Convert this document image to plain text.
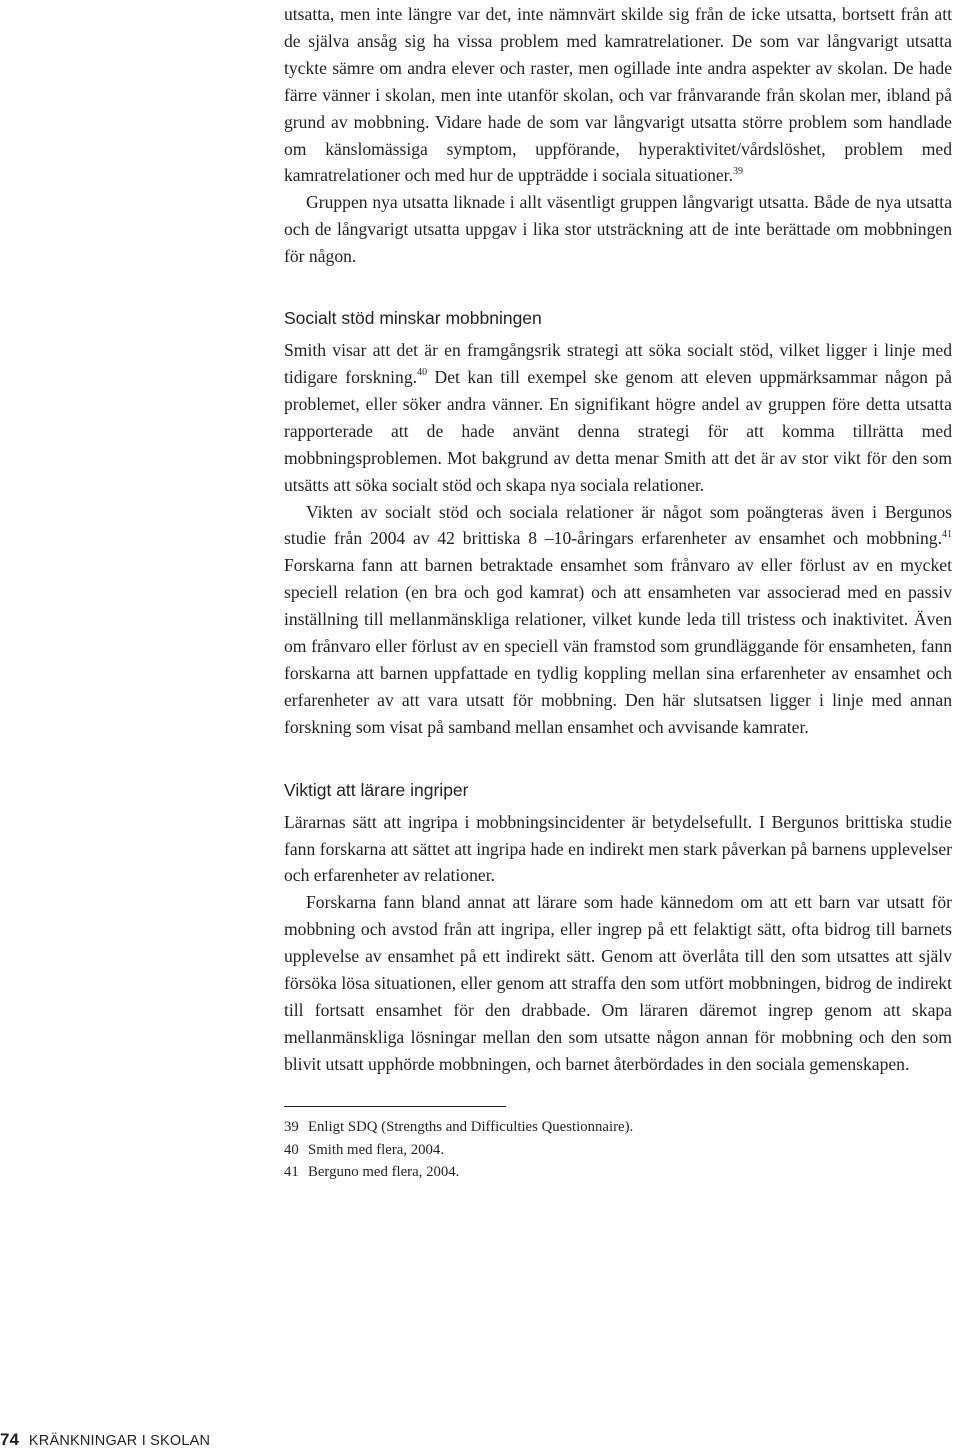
utsatta, men inte längre var det, inte nämnvärt skilde sig från de icke utsatta, bortsett från att de själva ansåg sig ha vissa problem med kamratrelationer. De som var långvarigt utsatta tyckte sämre om andra elever och raster, men ogillade inte andra aspekter av skolan. De hade färre vänner i skolan, men inte utanför skolan, och var frånvarande från skolan mer, ibland på grund av mobbning. Vidare hade de som var långvarigt utsatta större problem som handlade om känslomässiga symptom, uppförande, hyperaktivitet/vårdslöshet, problem med kamratrelationer och med hur de uppträdde i sociala situationer.$^{39}$

Gruppen nya utsatta liknade i allt väsentligt gruppen långvarigt utsatta. Både de nya utsatta och de långvarigt utsatta uppgav i lika stor utsträckning att de inte berättade om mobbningen för någon.

Socialt stöd minskar mobbningen

Smith visar att det är en framgångsrik strategi att söka socialt stöd, vilket ligger i linje med tidigare forskning.$^{40}$ Det kan till exempel ske genom att eleven uppmärksammar någon på problemet, eller söker andra vänner. En signifikant högre andel av gruppen före detta utsatta rapporterade att de hade använt denna strategi för att komma tillrätta med mobbningsproblemen. Mot bakgrund av detta menar Smith att det är av stor vikt för den som utsätts att söka socialt stöd och skapa nya sociala relationer.

Vikten av socialt stöd och sociala relationer är något som poängteras även i Bergunos studie från 2004 av 42 brittiska 8 –10-åringars erfarenheter av ensamhet och mobbning.$^{41}$ Forskarna fann att barnen betraktade ensamhet som frånvaro av eller förlust av en mycket speciell relation (en bra och god kamrat) och att ensamheten var associerad med en passiv inställning till mellanmänskliga relationer, vilket kunde leda till tristess och inaktivitet. Även om frånvaro eller förlust av en speciell vän framstod som grundläggande för ensamheten, fann forskarna att barnen uppfattade en tydlig koppling mellan sina erfarenheter av ensamhet och erfarenheter av att vara utsatt för mobbning. Den här slutsatsen ligger i linje med annan forskning som visat på samband mellan ensamhet och avvisande kamrater.

Viktigt att lärare ingriper

Lärarnas sätt att ingripa i mobbningsincidenter är betydelsefullt. I Bergunos brittiska studie fann forskarna att sättet att ingripa hade en indirekt men stark påverkan på barnens upplevelser och erfarenheter av relationer.

Forskarna fann bland annat att lärare som hade kännedom om att ett barn var utsatt för mobbning och avstod från att ingripa, eller ingrep på ett felaktigt sätt, ofta bidrog till barnets upplevelse av ensamhet på ett indirekt sätt. Genom att överlåta till den som utsattes att själv försöka lösa situationen, eller genom att straffa den som utfört mobbningen, bidrog de indirekt till fortsatt ensamhet för den drabbade. Om läraren däremot ingrep genom att skapa mellanmänskliga lösningar mellan den som utsatte någon annan för mobbning och den som blivit utsatt upphörde mobbningen, och barnet återbördades in den sociala gemenskapen.

39 Enligt SDQ (Strengths and Difficulties Questionnaire).

40 Smith med flera, 2004.

41 Berguno med flera, 2004.

74 KRÄNKNINGAR I SKOLAN
